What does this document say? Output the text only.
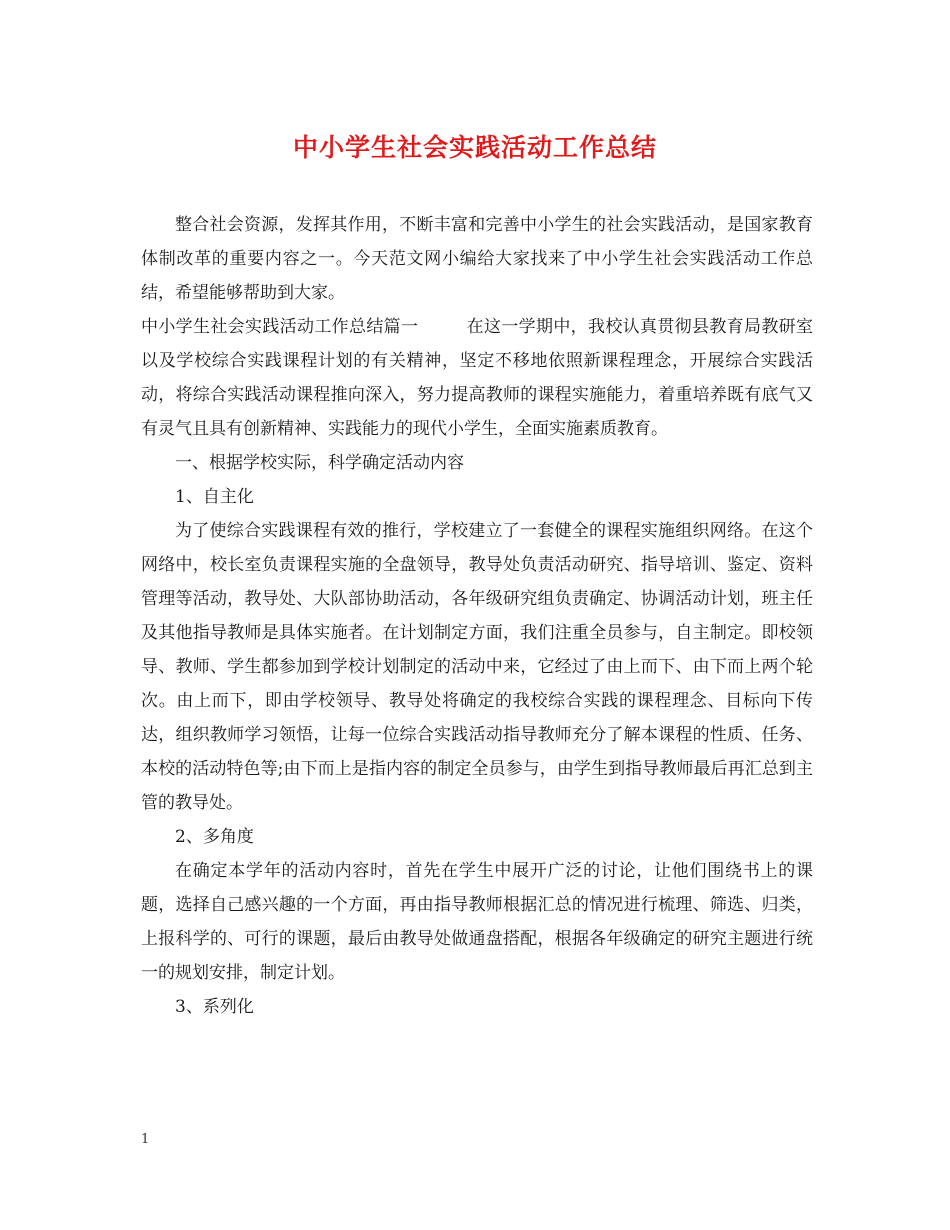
中小学生社会实践活动工作总结

整合社会资源，发挥其作用，不断丰富和完善中小学生的社会实践活动，是国家教育体制改革的重要内容之一。今天范文网小编给大家找来了中小学生社会实践活动工作总结，希望能够帮助到大家。

中小学生社会实践活动工作总结篇一	在这一学期中，我校认真贯彻县教育局教研室以及学校综合实践课程计划的有关精神，坚定不移地依照新课程理念，开展综合实践活动，将综合实践活动课程推向深入，努力提高教师的课程实施能力，着重培养既有底气又有灵气且具有创新精神、实践能力的现代小学生，全面实施素质教育。

一、根据学校实际，科学确定活动内容

1、自主化

为了使综合实践课程有效的推行，学校建立了一套健全的课程实施组织网络。在这个网络中，校长室负责课程实施的全盘领导，教导处负责活动研究、指导培训、鉴定、资料管理等活动，教导处、大队部协助活动，各年级研究组负责确定、协调活动计划，班主任及其他指导教师是具体实施者。在计划制定方面，我们注重全员参与，自主制定。即校领导、教师、学生都参加到学校计划制定的活动中来，它经过了由上而下、由下而上两个轮次。由上而下，即由学校领导、教导处将确定的我校综合实践的课程理念、目标向下传达，组织教师学习领悟，让每一位综合实践活动指导教师充分了解本课程的性质、任务、本校的活动特色等;由下而上是指内容的制定全员参与，由学生到指导教师最后再汇总到主管的教导处。

2、多角度

在确定本学年的活动内容时，首先在学生中展开广泛的讨论，让他们围绕书上的课题，选择自己感兴趣的一个方面，再由指导教师根据汇总的情况进行梳理、筛选、归类，上报科学的、可行的课题，最后由教导处做通盘搭配，根据各年级确定的研究主题进行统一的规划安排，制定计划。

3、系列化

1
